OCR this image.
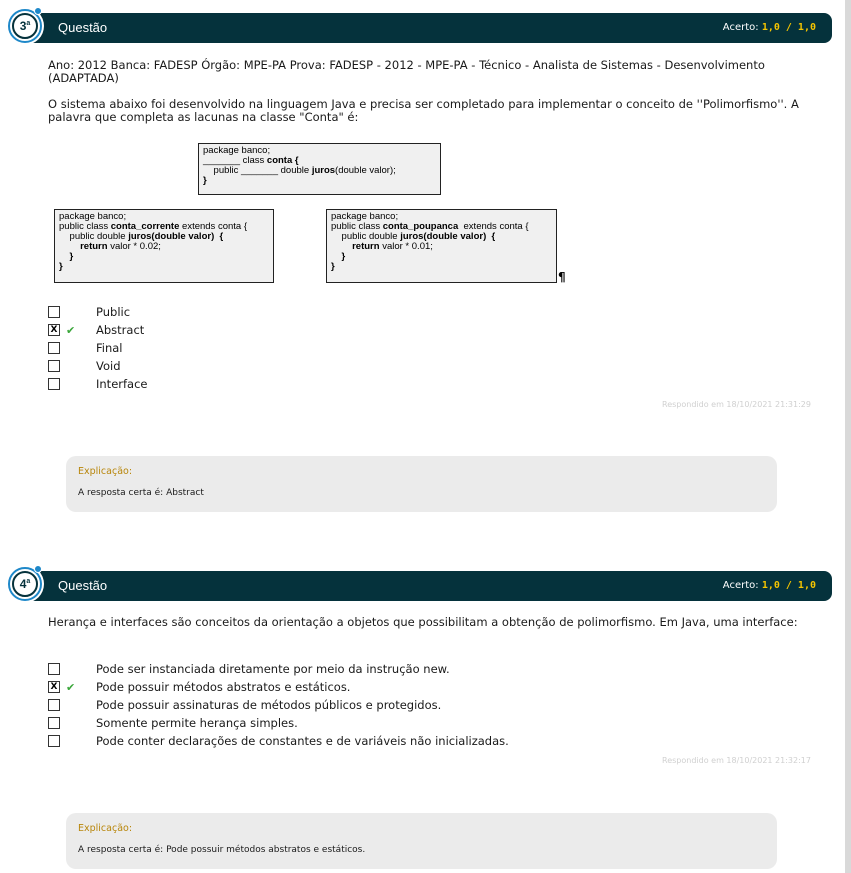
Questão	Acerto: 1,0 / 1,0
3$^a$
Ano: 2012 Banca: FADESP Órgão: MPE-PA Prova: FADESP - 2012 - MPE-PA - Técnico - Analista de Sistemas - Desenvolvimento (ADAPTADA)
O sistema abaixo foi desenvolvido na linguagem Java e precisa ser completado para implementar o conceito de ''Polimorfismo''. A palavra que completa as lacunas na classe "Conta" é:
package banco;
_______ class conta {
public _______ double juros(double valor);
}
package banco;
public class conta_corrente extends conta {
public double juros(double valor)  {
return valor * 0.02;
}
}
package banco;
public class conta_poupanca  extends conta {
public double juros(double valor)  {
return valor * 0.01;
}
}
¶
Public
X ✔ Abstract
Final
Void
Interface
Respondido em 18/10/2021 21:31:29
Explicação:
A resposta certa é: Abstract
Questão	Acerto: 1,0 / 1,0
4$^a$
Herança e interfaces são conceitos da orientação a objetos que possibilitam a obtenção de polimorfismo. Em Java, uma interface:
Pode ser instanciada diretamente por meio da instrução new.
X ✔ Pode possuir métodos abstratos e estáticos.
Pode possuir assinaturas de métodos públicos e protegidos.
Somente permite herança simples.
Pode conter declarações de constantes e de variáveis não inicializadas.
Respondido em 18/10/2021 21:32:17
Explicação:
A resposta certa é: Pode possuir métodos abstratos e estáticos.
